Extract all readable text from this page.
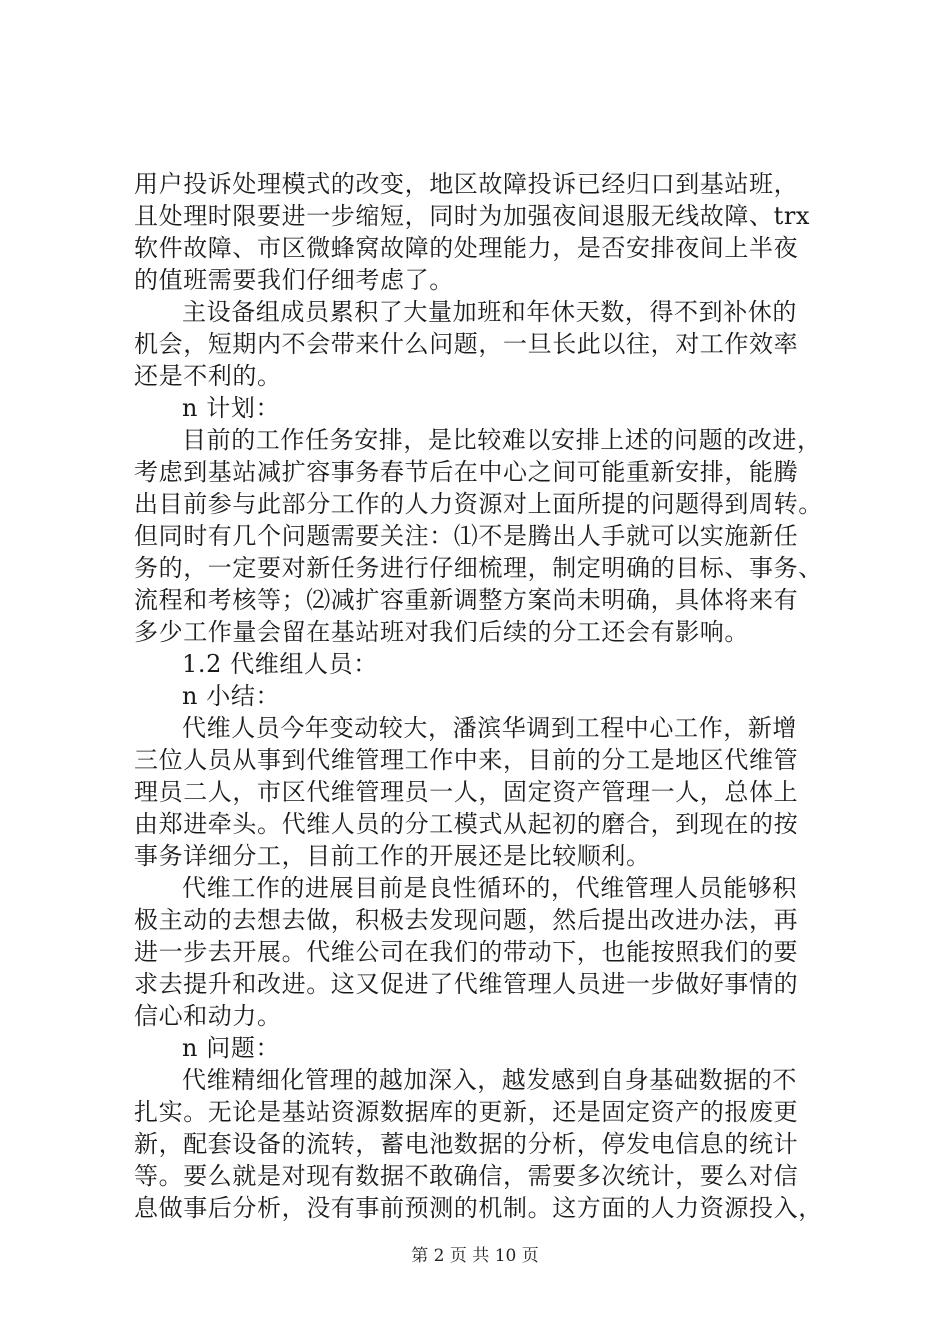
用户投诉处理模式的改变，地区故障投诉已经归口到基站班，
且处理时限要进一步缩短，同时为加强夜间退服无线故障、trx
软件故障、市区微蜂窝故障的处理能力，是否安排夜间上半夜
的值班需要我们仔细考虑了。
主设备组成员累积了大量加班和年休天数，得不到补休的
机会，短期内不会带来什么问题，一旦长此以往，对工作效率
还是不利的。
n 计划：
目前的工作任务安排，是比较难以安排上述的问题的改进，
考虑到基站减扩容事务春节后在中心之间可能重新安排，能腾
出目前参与此部分工作的人力资源对上面所提的问题得到周转。
但同时有几个问题需要关注：⑴不是腾出人手就可以实施新任
务的，一定要对新任务进行仔细梳理，制定明确的目标、事务、
流程和考核等；⑵减扩容重新调整方案尚未明确，具体将来有
多少工作量会留在基站班对我们后续的分工还会有影响。
1.2 代维组人员：
n 小结：
代维人员今年变动较大，潘滨华调到工程中心工作，新增
三位人员从事到代维管理工作中来，目前的分工是地区代维管
理员二人，市区代维管理员一人，固定资产管理一人，总体上
由郑进牵头。代维人员的分工模式从起初的磨合，到现在的按
事务详细分工，目前工作的开展还是比较顺利。
代维工作的进展目前是良性循环的，代维管理人员能够积
极主动的去想去做，积极去发现问题，然后提出改进办法，再
进一步去开展。代维公司在我们的带动下，也能按照我们的要
求去提升和改进。这又促进了代维管理人员进一步做好事情的
信心和动力。
n 问题：
代维精细化管理的越加深入，越发感到自身基础数据的不
扎实。无论是基站资源数据库的更新，还是固定资产的报废更
新，配套设备的流转，蓄电池数据的分析，停发电信息的统计
等。要么就是对现有数据不敢确信，需要多次统计，要么对信
息做事后分析，没有事前预测的机制。这方面的人力资源投入，
第 2 页 共 10 页
